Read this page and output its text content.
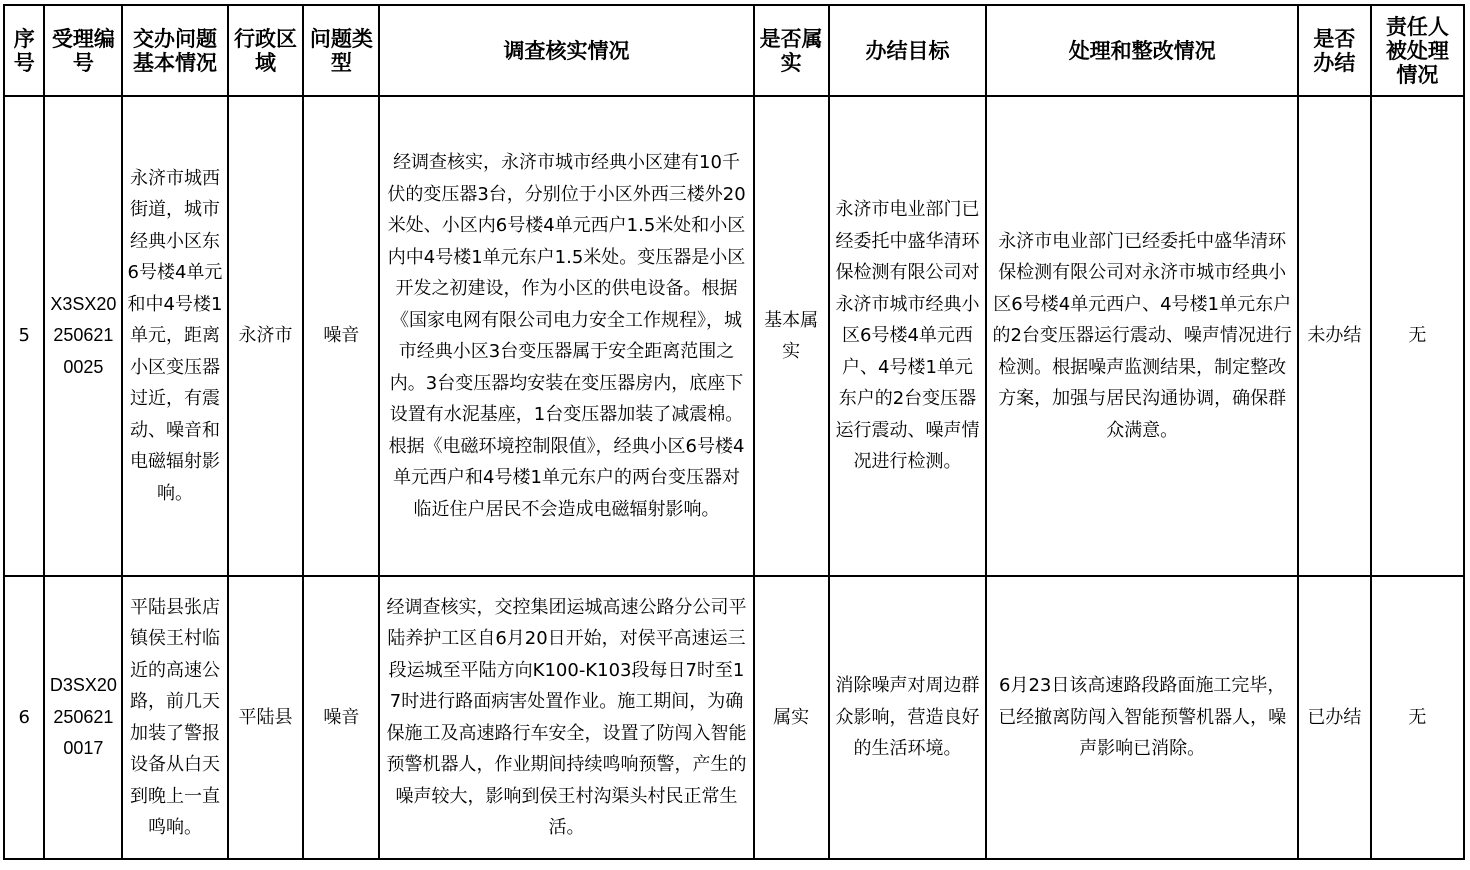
序号	受理编号	交办问题基本情况	行政区域	问题类型	调查核实情况	是否属实	办结目标	处理和整改情况	是否办结	责任人被处理情况
5	X3SX202506210025	永济市城西街道，城市经典小区东6号楼4单元和中4号楼1单元，距离小区变压器过近，有震动、噪音和电磁辐射影响。	永济市	噪音	经调查核实，永济市城市经典小区建有10千伏的变压器3台，分别位于小区外西三楼外20米处、小区内6号楼4单元西户1.5米处和小区内中4号楼1单元东户1.5米处。变压器是小区开发之初建设，作为小区的供电设备。根据《国家电网有限公司电力安全工作规程》，城市经典小区3台变压器属于安全距离范围之内。3台变压器均安装在变压器房内，底座下设置有水泥基座，1台变压器加装了减震棉。根据《电磁环境控制限值》，经典小区6号楼4单元西户和4号楼1单元东户的两台变压器对临近住户居民不会造成电磁辐射影响。	基本属实	永济市电业部门已经委托中盛华清环保检测有限公司对永济市城市经典小区6号楼4单元西户、4号楼1单元东户的2台变压器运行震动、噪声情况进行检测。	永济市电业部门已经委托中盛华清环保检测有限公司对永济市城市经典小区6号楼4单元西户、4号楼1单元东户的2台变压器运行震动、噪声情况进行检测。根据噪声监测结果，制定整改方案，加强与居民沟通协调，确保群众满意。	未办结	无
6	D3SX202506210017	平陆县张店镇侯王村临近的高速公路，前几天加装了警报设备从白天到晚上一直鸣响。	平陆县	噪音	经调查核实，交控集团运城高速公路分公司平陆养护工区自6月20日开始，对侯平高速运三段运城至平陆方向K100-K103段每日7时至17时进行路面病害处置作业。施工期间，为确保施工及高速路行车安全，设置了防闯入智能预警机器人，作业期间持续鸣响预警，产生的噪声较大，影响到侯王村沟渠头村民正常生活。	属实	消除噪声对周边群众影响，营造良好的生活环境。	6月23日该高速路段路面施工完毕，已经撤离防闯入智能预警机器人，噪声影响已消除。	已办结	无
